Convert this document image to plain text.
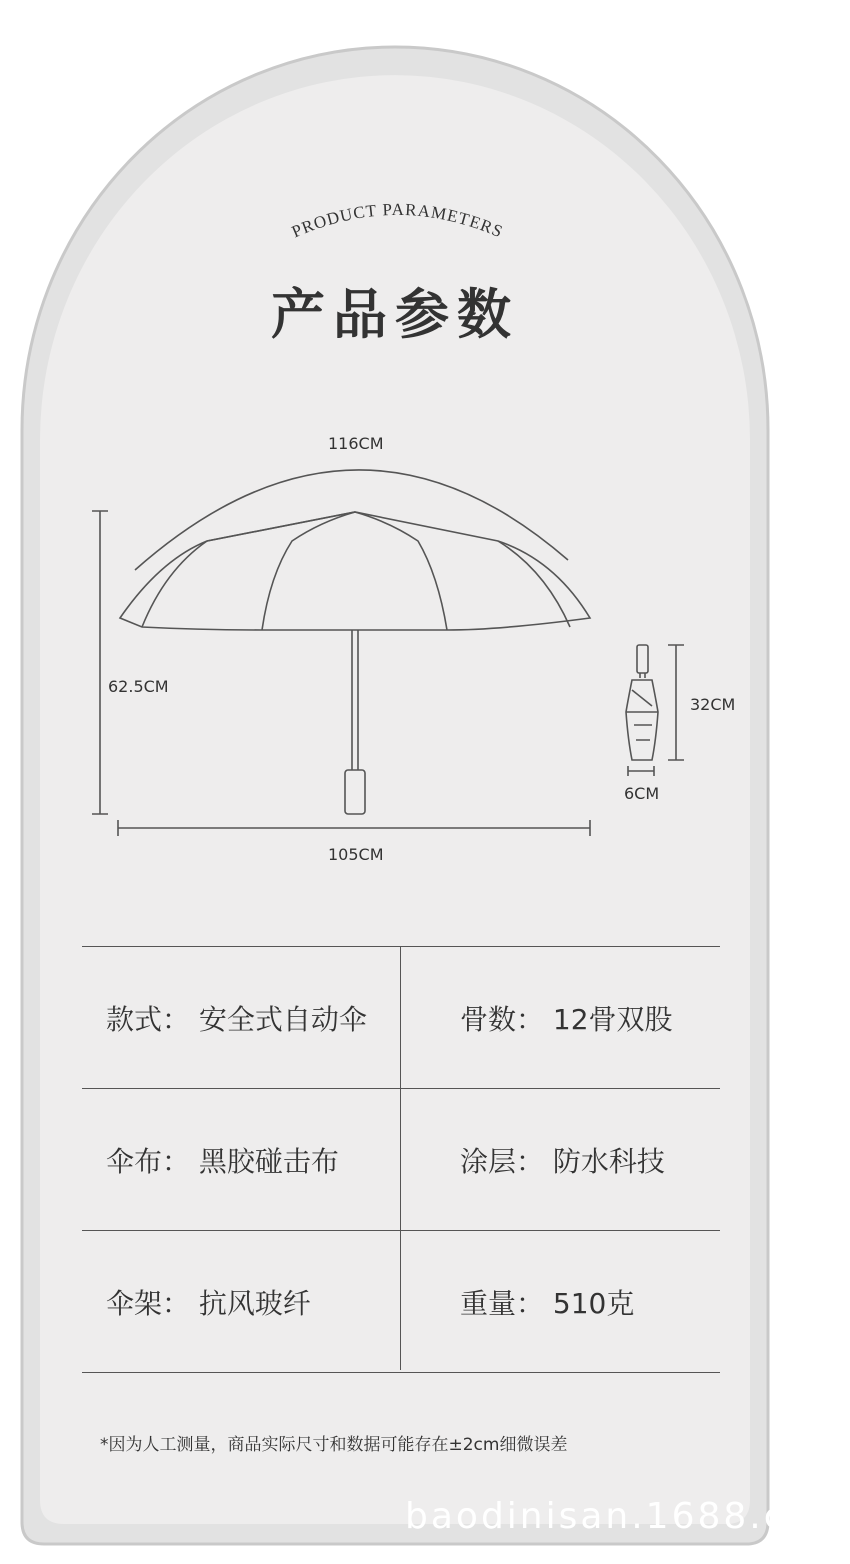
PRODUCT PARAMETERS
产品参数
116CM
62.5CM
105CM
32CM
6CM
款式： 安全式自动伞	骨数： 12骨双股
伞布： 黑胶碰击布	涂层： 防水科技
伞架： 抗风玻纤	重量： 510克
*因为人工测量，商品实际尺寸和数据可能存在±2cm细微误差
baodinisan.1688.com
